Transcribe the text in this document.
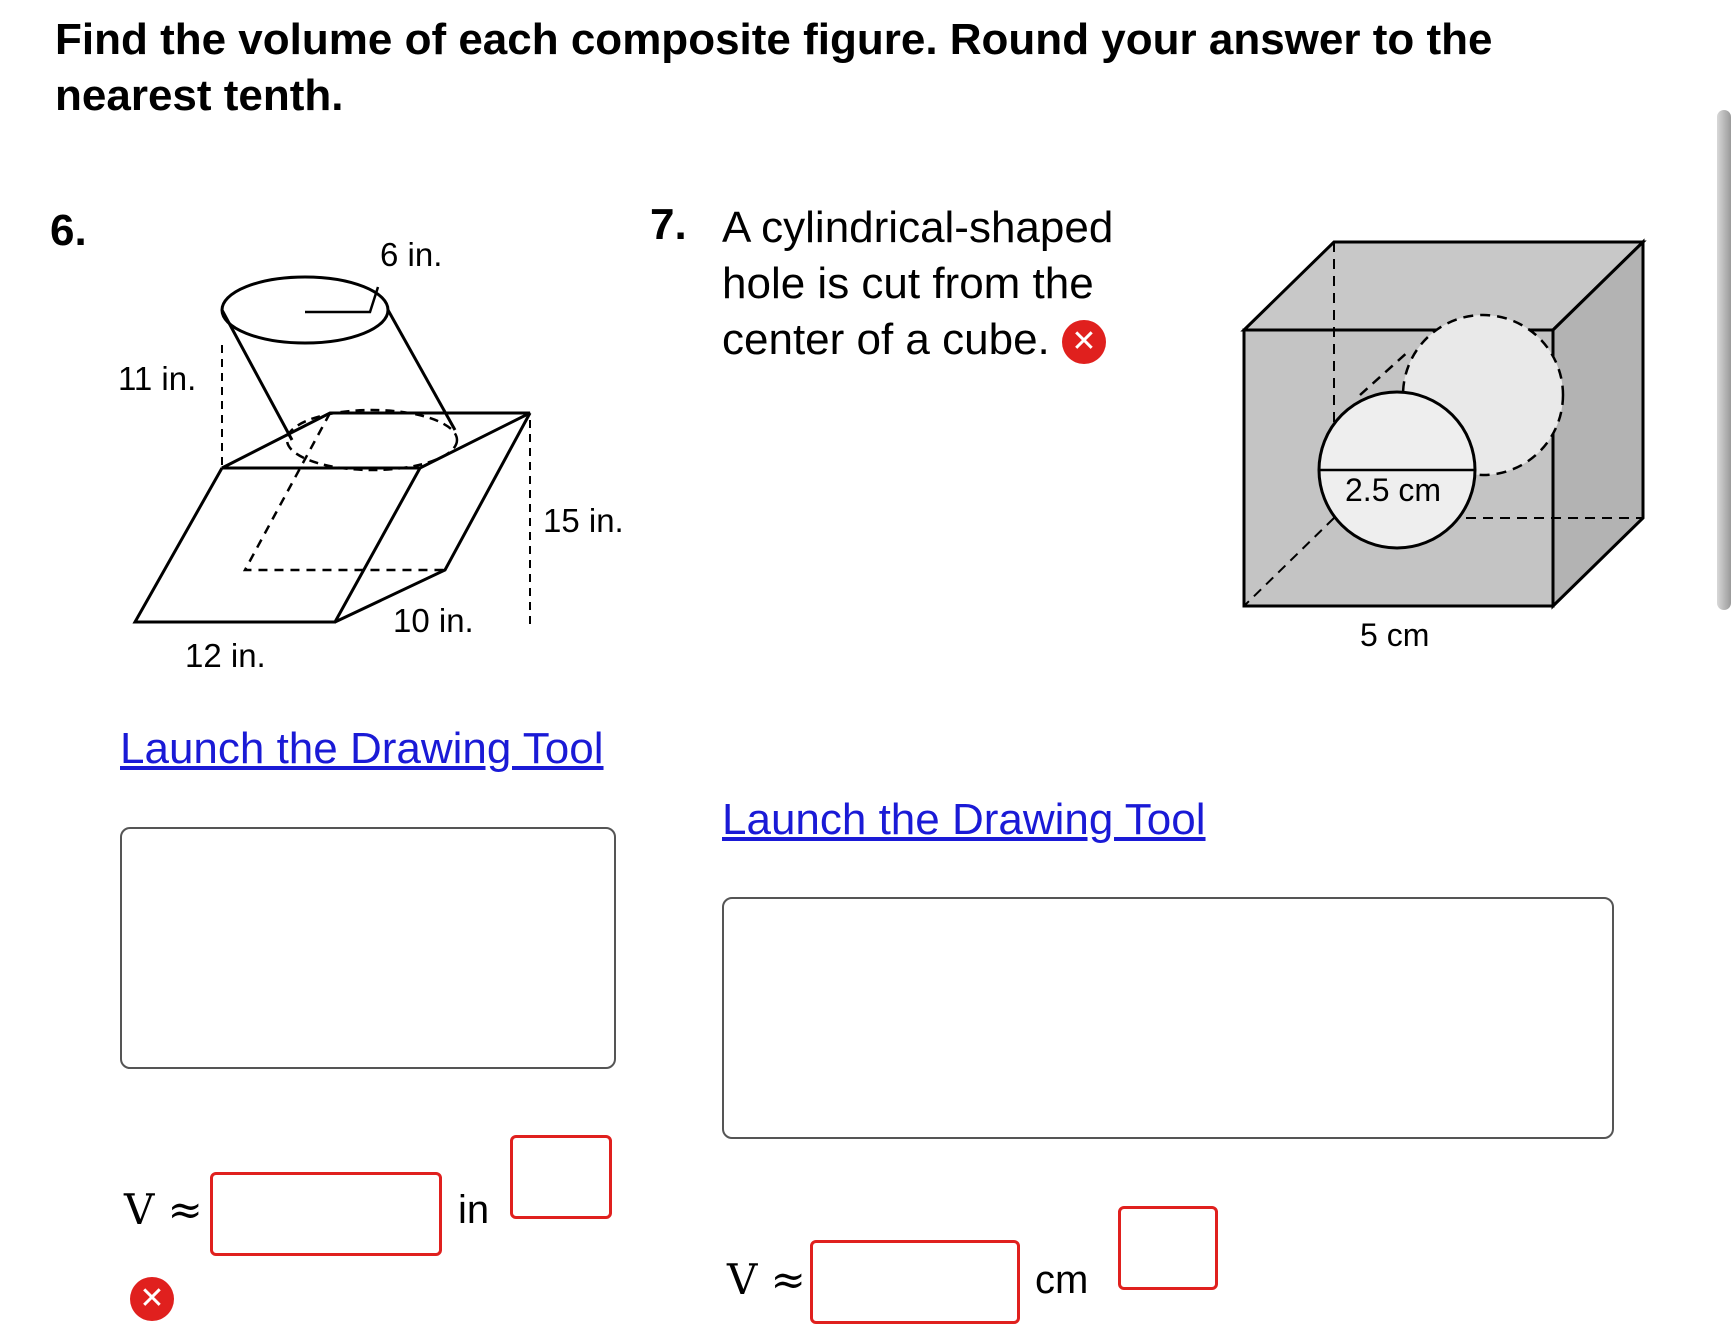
Find the volume of each composite figure. Round your answer to the nearest tenth.
6.	6 in.
11 in.
15 in.
10 in.
12 in.
Launch the Drawing Tool
V ≈	in
✕
7. A cylindrical-shaped hole is cut from the center of a cube. ✕
2.5 cm
5 cm
Launch the Drawing Tool
V ≈	cm
